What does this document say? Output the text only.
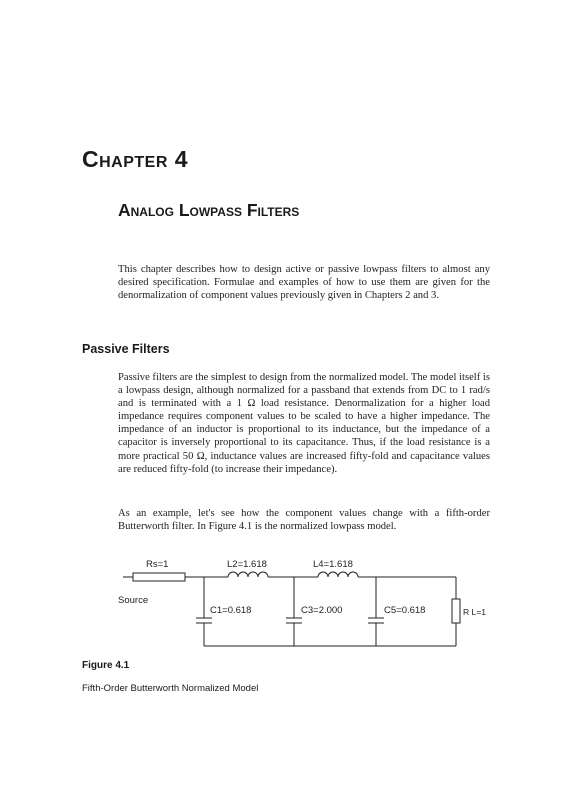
Chapter 4
Analog Lowpass Filters

This chapter describes how to design active or passive lowpass filters to almost any desired specification. Formulae and examples of how to use them are given for the denormalization of component values previously given in Chapters 2 and 3.

Passive Filters

Passive filters are the simplest to design from the normalized model. The model itself is a lowpass design, although normalized for a passband that extends from DC to 1 rad/s and is terminated with a 1 Ω load resistance. Denormalization for a higher load impedance requires component values to be scaled to have a higher impedance. The impedance of an inductor is proportional to its inductance, but the impedance of a capacitor is inversely proportional to its capacitance. Thus, if the load resistance is a more practical 50 Ω, inductance values are increased fifty-fold and capacitance values are reduced fifty-fold (to increase their impedance).

As an example, let's see how the component values change with a fifth-order Butterworth filter. In Figure 4.1 is the normalized lowpass model.

Rs=1	L2=1.618	L4=1.618
Source
C1=0.618	C3=2.000	C5=0.618	R L=1

Figure 4.1

Fifth-Order Butterworth Normalized Model
